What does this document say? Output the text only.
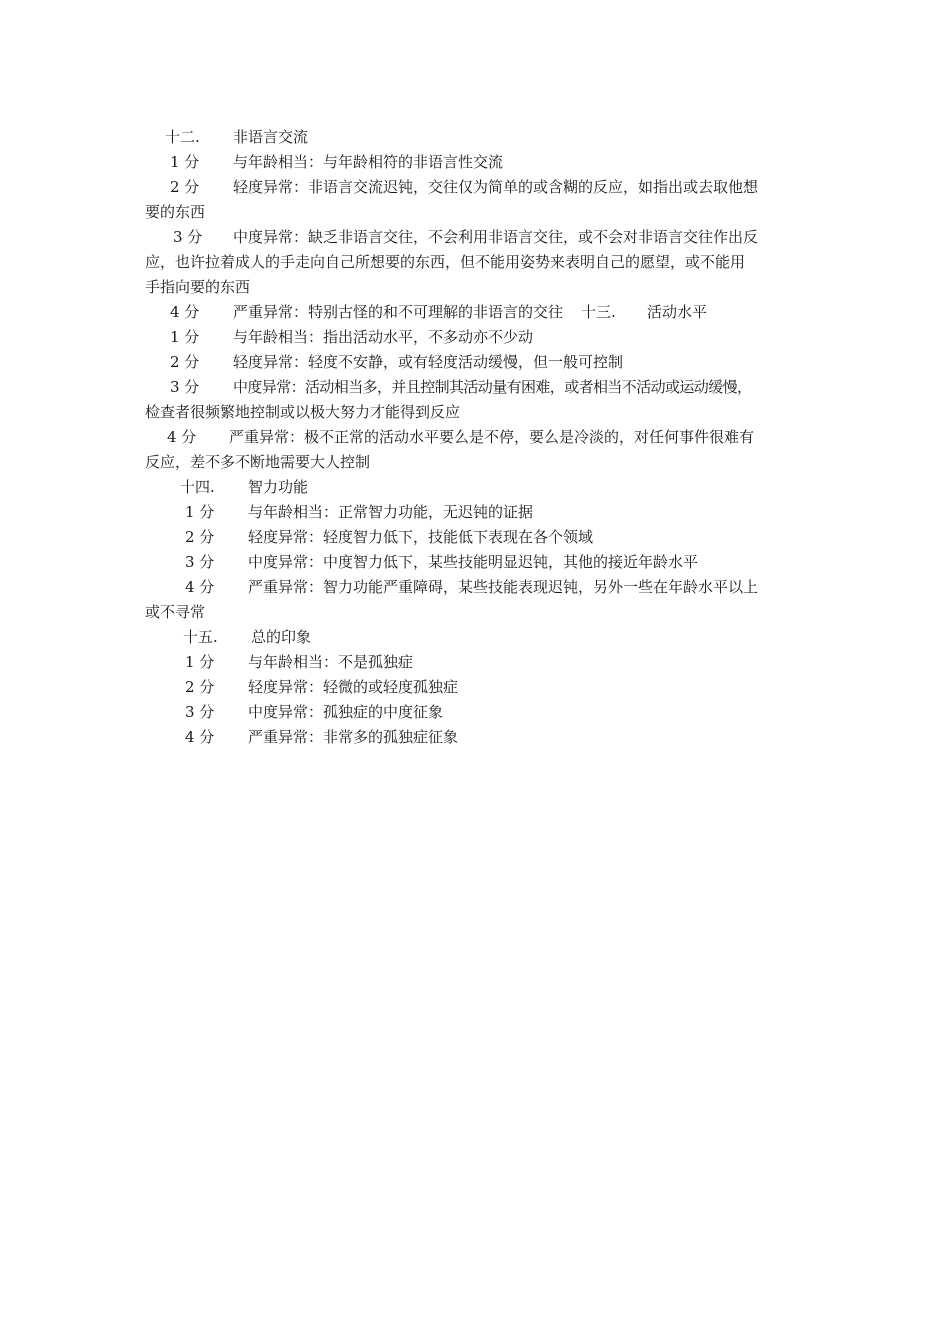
十二. 非语言交流
1 分 与年龄相当：与年龄相符的非语言性交流
2 分 轻度异常：非语言交流迟钝，交往仅为简单的或含糊的反应，如指出或去取他想
要的东西
3 分 中度异常：缺乏非语言交往，不会利用非语言交往，或不会对非语言交往作出反
应，也许拉着成人的手走向自己所想要的东西，但不能用姿势来表明自己的愿望，或不能用
手指向要的东西
4 分 严重异常：特别古怪的和不可理解的非语言的交往 十三. 活动水平
1 分 与年龄相当：指出活动水平，不多动亦不少动
2 分 轻度异常：轻度不安静，或有轻度活动缓慢，但一般可控制
3 分 中度异常：活动相当多，并且控制其活动量有困难，或者相当不活动或运动缓慢，
检查者很频繁地控制或以极大努力才能得到反应
4 分 严重异常：极不正常的活动水平要么是不停，要么是冷淡的，对任何事件很难有
反应，差不多不断地需要大人控制
十四. 智力功能
1 分 与年龄相当：正常智力功能，无迟钝的证据
2 分 轻度异常：轻度智力低下，技能低下表现在各个领域
3 分 中度异常：中度智力低下，某些技能明显迟钝，其他的接近年龄水平
4 分 严重异常：智力功能严重障碍，某些技能表现迟钝，另外一些在年龄水平以上
或不寻常
十五. 总的印象
1 分 与年龄相当：不是孤独症
2 分 轻度异常：轻微的或轻度孤独症
3 分 中度异常：孤独症的中度征象
4 分 严重异常：非常多的孤独症征象
